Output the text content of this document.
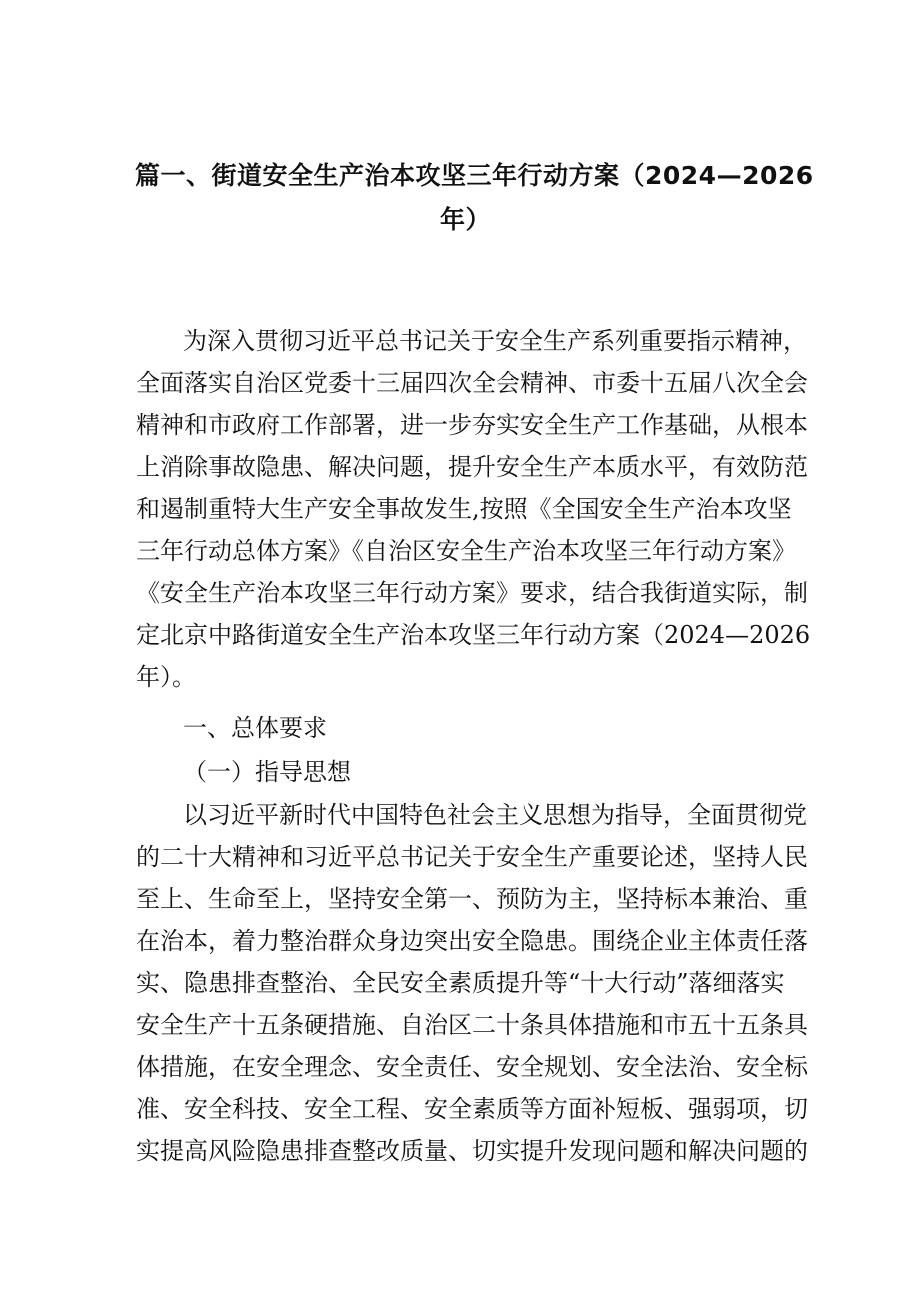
篇一、街道安全生产治本攻坚三年行动方案（2024—2026
年）
为深入贯彻习近平总书记关于安全生产系列重要指示精神，
全面落实自治区党委十三届四次全会精神、市委十五届八次全会
精神和市政府工作部署，进一步夯实安全生产工作基础，从根本
上消除事故隐患、解决问题，提升安全生产本质水平，有效防范
和遏制重特大生产安全事故发生,按照《全国安全生产治本攻坚
三年行动总体方案》《自治区安全生产治本攻坚三年行动方案》
《安全生产治本攻坚三年行动方案》要求，结合我街道实际，制
定北京中路街道安全生产治本攻坚三年行动方案（2024—2026
年）。
一、总体要求
（一）指导思想
以习近平新时代中国特色社会主义思想为指导，全面贯彻党
的二十大精神和习近平总书记关于安全生产重要论述，坚持人民
至上、生命至上，坚持安全第一、预防为主，坚持标本兼治、重
在治本，着力整治群众身边突出安全隐患。围绕企业主体责任落
实、隐患排查整治、全民安全素质提升等“十大行动”落细落实
安全生产十五条硬措施、自治区二十条具体措施和市五十五条具
体措施，在安全理念、安全责任、安全规划、安全法治、安全标
准、安全科技、安全工程、安全素质等方面补短板、强弱项，切
实提高风险隐患排查整改质量、切实提升发现问题和解决问题的
